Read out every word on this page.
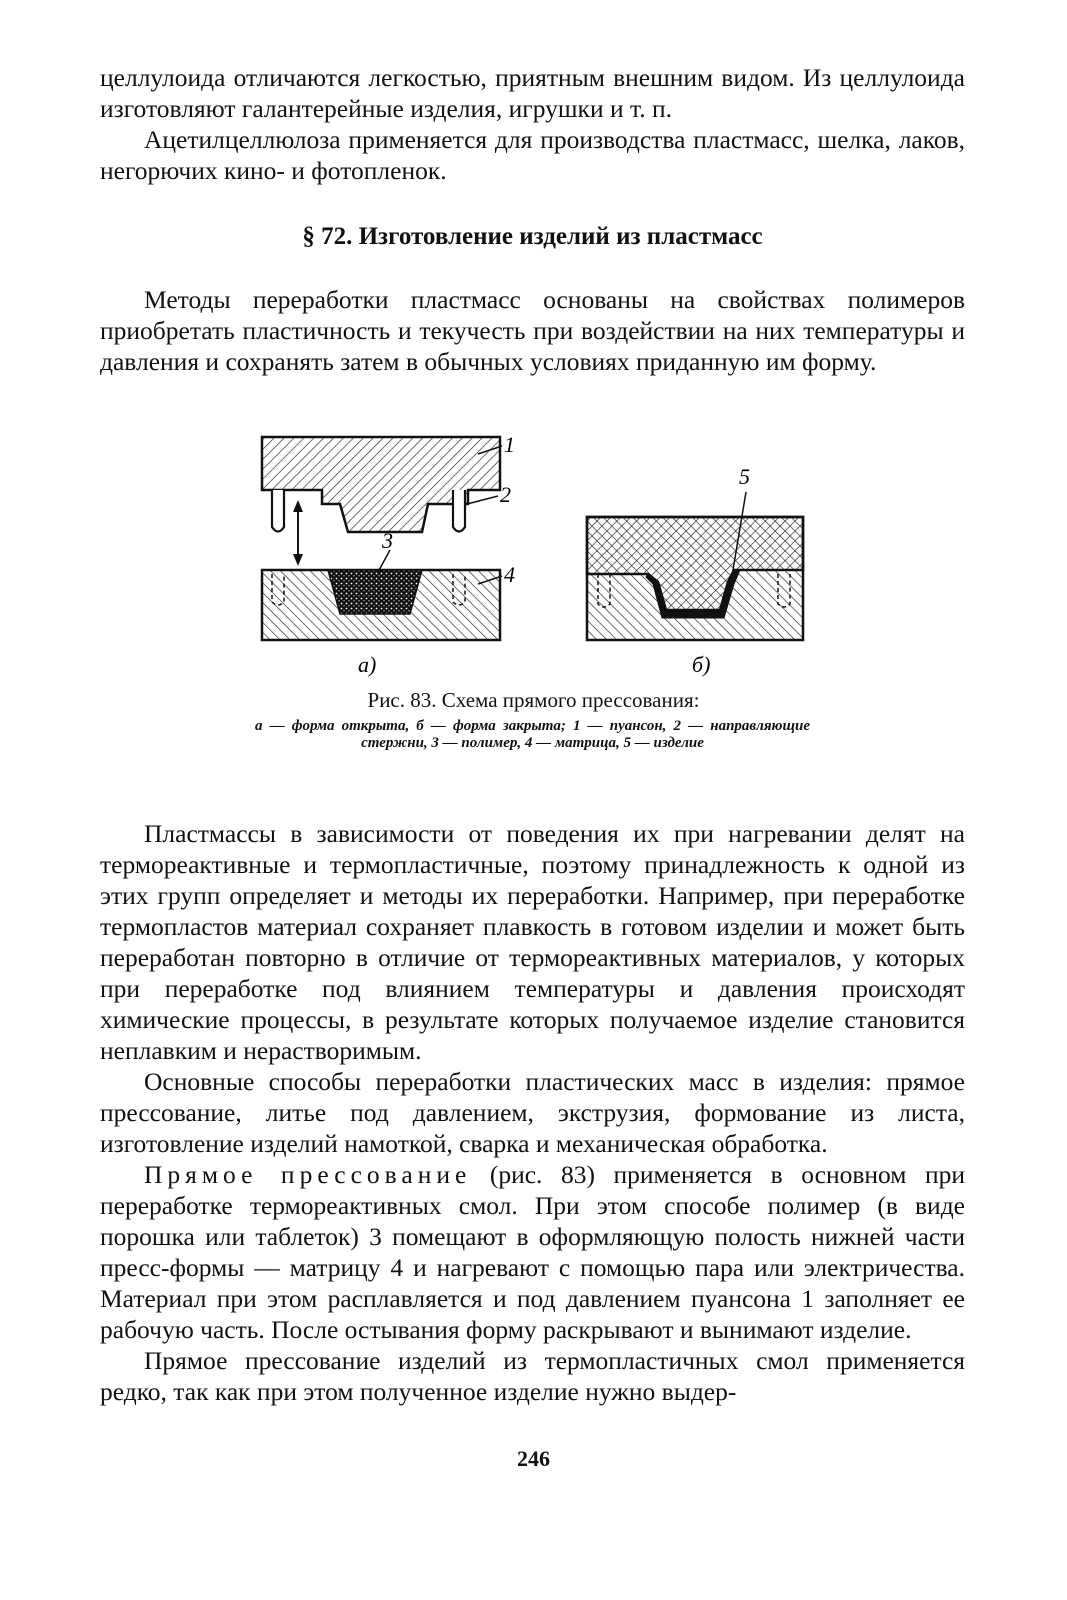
целлулоида отличаются легкостью, приятным внешним видом. Из целлулоида изготовляют галантерейные изделия, игрушки и т. п.

Ацетилцеллюлоза применяется для производства пластмасс, шелка, лаков, негорючих кино- и фотопленок.

§ 72. Изготовление изделий из пластмасс

Методы переработки пластмасс основаны на свойствах полимеров приобретать пластичность и текучесть при воздействии на них температуры и давления и сохранять затем в обычных условиях приданную им форму.

1
2
3
4
5
а)	б)
Рис. 83. Схема прямого прессования:
а — форма открыта, б — форма закрыта; 1 — пуансон, 2 — направляющие стержни, 3 — полимер, 4 — матрица, 5 — изделие

Пластмассы в зависимости от поведения их при нагревании делят на термореактивные и термопластичные, поэтому принадлежность к одной из этих групп определяет и методы их переработки. Например, при переработке термопластов материал сохраняет плавкость в готовом изделии и может быть переработан повторно в отличие от термореактивных материалов, у которых при переработке под влиянием температуры и давления происходят химические процессы, в результате которых получаемое изделие становится неплавким и нерастворимым.

Основные способы переработки пластических масс в изделия: прямое прессование, литье под давлением, экструзия, формование из листа, изготовление изделий намоткой, сварка и механическая обработка.

Прямое прессование (рис. 83) применяется в основном при переработке термореактивных смол. При этом способе полимер (в виде порошка или таблеток) 3 помещают в оформляющую полость нижней части пресс-формы — матрицу 4 и нагревают с помощью пара или электричества. Материал при этом расплавляется и под давлением пуансона 1 заполняет ее рабочую часть. После остывания форму раскрывают и вынимают изделие.

Прямое прессование изделий из термопластичных смол применяется редко, так как при этом полученное изделие нужно выдер-

246
